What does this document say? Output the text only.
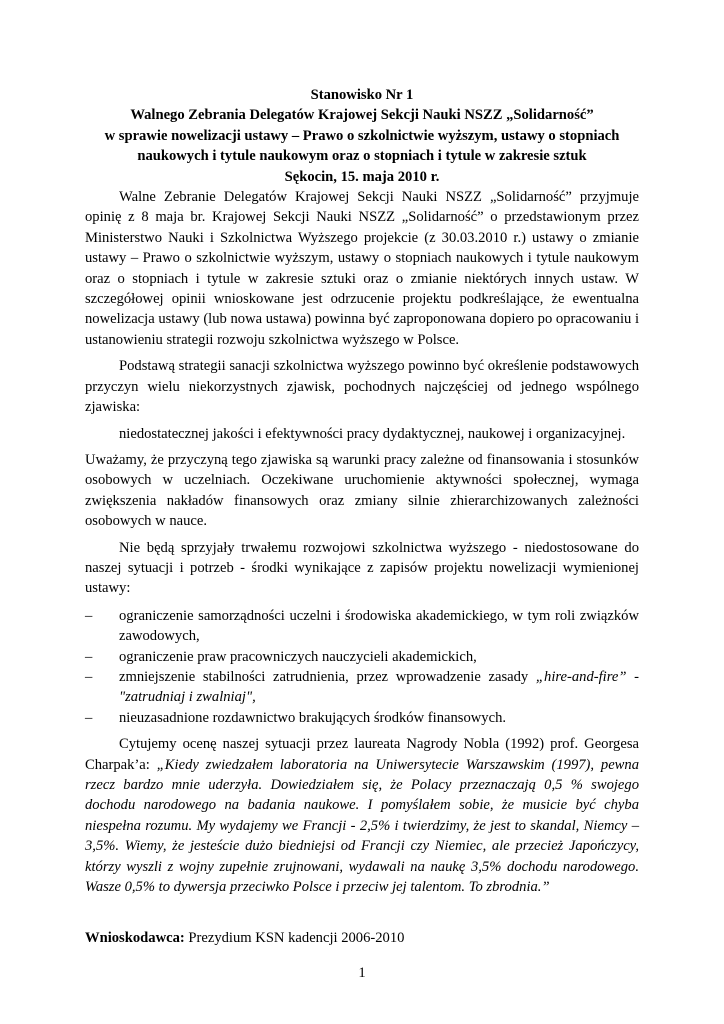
Stanowisko Nr 1
Walnego Zebrania Delegatów Krajowej Sekcji Nauki NSZZ „Solidarność”
w sprawie nowelizacji ustawy – Prawo o szkolnictwie wyższym, ustawy o stopniach
naukowych i tytule naukowym oraz o stopniach i tytule w zakresie sztuk
Sękocin, 15. maja 2010 r.

Walne Zebranie Delegatów Krajowej Sekcji Nauki NSZZ „Solidarność” przyjmuje opinię z 8 maja br. Krajowej Sekcji Nauki NSZZ „Solidarność” o przedstawionym przez Ministerstwo Nauki i Szkolnictwa Wyższego projekcie (z 30.03.2010 r.) ustawy o zmianie ustawy – Prawo o szkolnictwie wyższym, ustawy o stopniach naukowych i tytule naukowym oraz o stopniach i tytule w zakresie sztuki oraz o zmianie niektórych innych ustaw. W szczegółowej opinii wnioskowane jest odrzucenie projektu podkreślające, że ewentualna nowelizacja ustawy (lub nowa ustawa) powinna być zaproponowana dopiero po opracowaniu i ustanowieniu strategii rozwoju szkolnictwa wyższego w Polsce.

Podstawą strategii sanacji szkolnictwa wyższego powinno być określenie podstawowych przyczyn wielu niekorzystnych zjawisk, pochodnych najczęściej od jednego wspólnego zjawiska:

niedostatecznej jakości i efektywności pracy dydaktycznej, naukowej i organizacyjnej.

Uważamy, że przyczyną tego zjawiska są warunki pracy zależne od finansowania i stosunków osobowych w uczelniach. Oczekiwane uruchomienie aktywności społecznej, wymaga zwiększenia nakładów finansowych oraz zmiany silnie zhierarchizowanych zależności osobowych w nauce.

Nie będą sprzyjały trwałemu rozwojowi szkolnictwa wyższego - niedostosowane do naszej sytuacji i potrzeb - środki wynikające z zapisów projektu nowelizacji wymienionej ustawy:

–	ograniczenie samorządności uczelni i środowiska akademickiego, w tym roli związków zawodowych,
–	ograniczenie praw pracowniczych nauczycieli akademickich,
–	zmniejszenie stabilności zatrudnienia, przez wprowadzenie zasady „hire-and-fire” - "zatrudniaj i zwalniaj",
–	nieuzasadnione rozdawnictwo brakujących środków finansowych.

Cytujemy ocenę naszej sytuacji przez laureata Nagrody Nobla (1992) prof. Georgesa Charpak’a: „Kiedy zwiedzałem laboratoria na Uniwersytecie Warszawskim (1997), pewna rzecz bardzo mnie uderzyła. Dowiedziałem się, że Polacy przeznaczają 0,5 % swojego dochodu narodowego na badania naukowe. I pomyślałem sobie, że musicie być chyba niespełna rozumu. My wydajemy we Francji - 2,5% i twierdzimy, że jest to skandal, Niemcy – 3,5%. Wiemy, że jesteście dużo biedniejsi od Francji czy Niemiec, ale przecież Japończycy, którzy wyszli z wojny zupełnie zrujnowani, wydawali na naukę 3,5% dochodu narodowego. Wasze 0,5% to dywersja przeciwko Polsce i przeciw jej talentom. To zbrodnia.”

Wnioskodawca: Prezydium KSN kadencji 2006-2010

1
